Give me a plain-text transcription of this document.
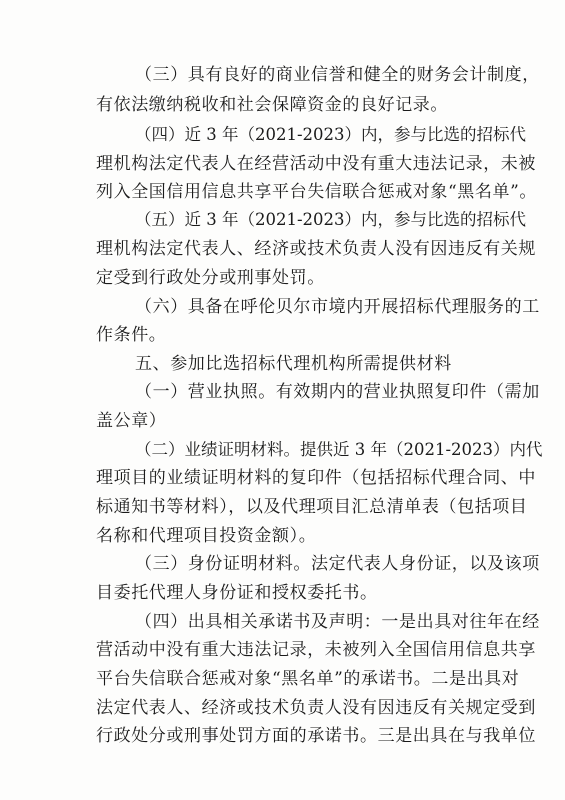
（三）具有良好的商业信誉和健全的财务会计制度，
有依法缴纳税收和社会保障资金的良好记录。
（四）近 3 年（2021-2023）内，参与比选的招标代
理机构法定代表人在经营活动中没有重大违法记录，未被
列入全国信用信息共享平台失信联合惩戒对象“黑名单”。
（五）近 3 年（2021-2023）内，参与比选的招标代
理机构法定代表人、经济或技术负责人没有因违反有关规
定受到行政处分或刑事处罚。
（六）具备在呼伦贝尔市境内开展招标代理服务的工
作条件。
五、参加比选招标代理机构所需提供材料
（一）营业执照。有效期内的营业执照复印件（需加
盖公章）
（二）业绩证明材料。提供近 3 年（2021-2023）内代
理项目的业绩证明材料的复印件（包括招标代理合同、中
标通知书等材料），以及代理项目汇总清单表（包括项目
名称和代理项目投资金额）。
（三）身份证明材料。法定代表人身份证，以及该项
目委托代理人身份证和授权委托书。
（四）出具相关承诺书及声明：一是出具对往年在经
营活动中没有重大违法记录，未被列入全国信用信息共享
平台失信联合惩戒对象“黑名单”的承诺书。二是出具对
法定代表人、经济或技术负责人没有因违反有关规定受到
行政处分或刑事处罚方面的承诺书。三是出具在与我单位
